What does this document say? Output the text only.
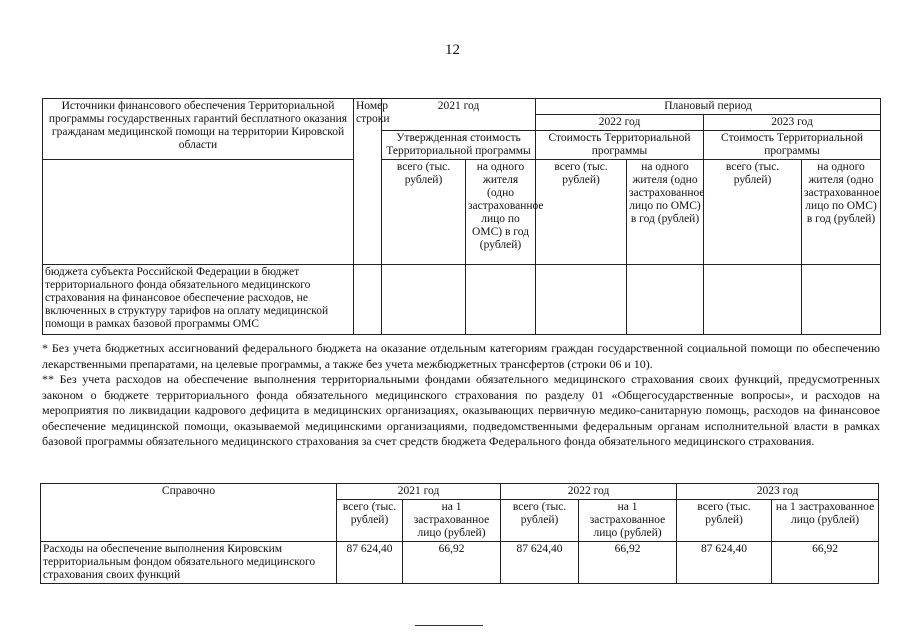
12
Источники финансового обеспечения Территориальной программы государственных гарантий бесплатного оказания гражданам медицинской помощи на территории Кировской области	Номер строки	2021 год		Плановый период			
				2022 год		2023 год	
		Утвержденная стоимость Территориальной программы		Стоимость Территориальной программы		Стоимость Территориальной программы	
		всего (тыс. рублей)	на одного жителя (одно застрахованное лицо по ОМС) в год (рублей)	всего (тыс. рублей)	на одного жителя (одно застрахованное лицо по ОМС) в год (рублей)	всего (тыс. рублей)	на одного жителя (одно застрахованное лицо по ОМС) в год (рублей)
бюджета субъекта Российской Федерации в бюджет территориального фонда обязательного медицинского страхования на финансовое обеспечение расходов, не включенных в структуру тарифов на оплату медицинской помощи в рамках базовой программы ОМС							

* Без учета бюджетных ассигнований федерального бюджета на оказание отдельным категориям граждан государственной социальной помощи по обеспечению лекарственными препаратами, на целевые программы, а также без учета межбюджетных трансфертов (строки 06 и 10).

** Без учета расходов на обеспечение выполнения территориальными фондами обязательного медицинского страхования своих функций, предусмотренных законом о бюджете территориального фонда обязательного медицинского страхования по разделу 01 «Общегосударственные вопросы», и расходов на мероприятия по ликвидации кадрового дефицита в медицинских организациях, оказывающих первичную медико-санитарную помощь, расходов на финансовое обеспечение медицинской помощи, оказываемой медицинскими организациями, подведомственными федеральным органам исполнительной власти в рамках базовой программы обязательного медицинского страхования за счет средств бюджета Федерального фонда обязательного медицинского страхования.

Справочно	2021 год		2022 год		2023 год	
	всего (тыс. рублей)	на 1 застрахованное лицо (рублей)	всего (тыс. рублей)	на 1 застрахованное лицо (рублей)	всего (тыс. рублей)	на 1 застрахованное лицо (рублей)
Расходы на обеспечение выполнения Кировским территориальным фондом обязательного медицинского страхования своих функций	87 624,40	66,92	87 624,40	66,92	87 624,40	66,92
